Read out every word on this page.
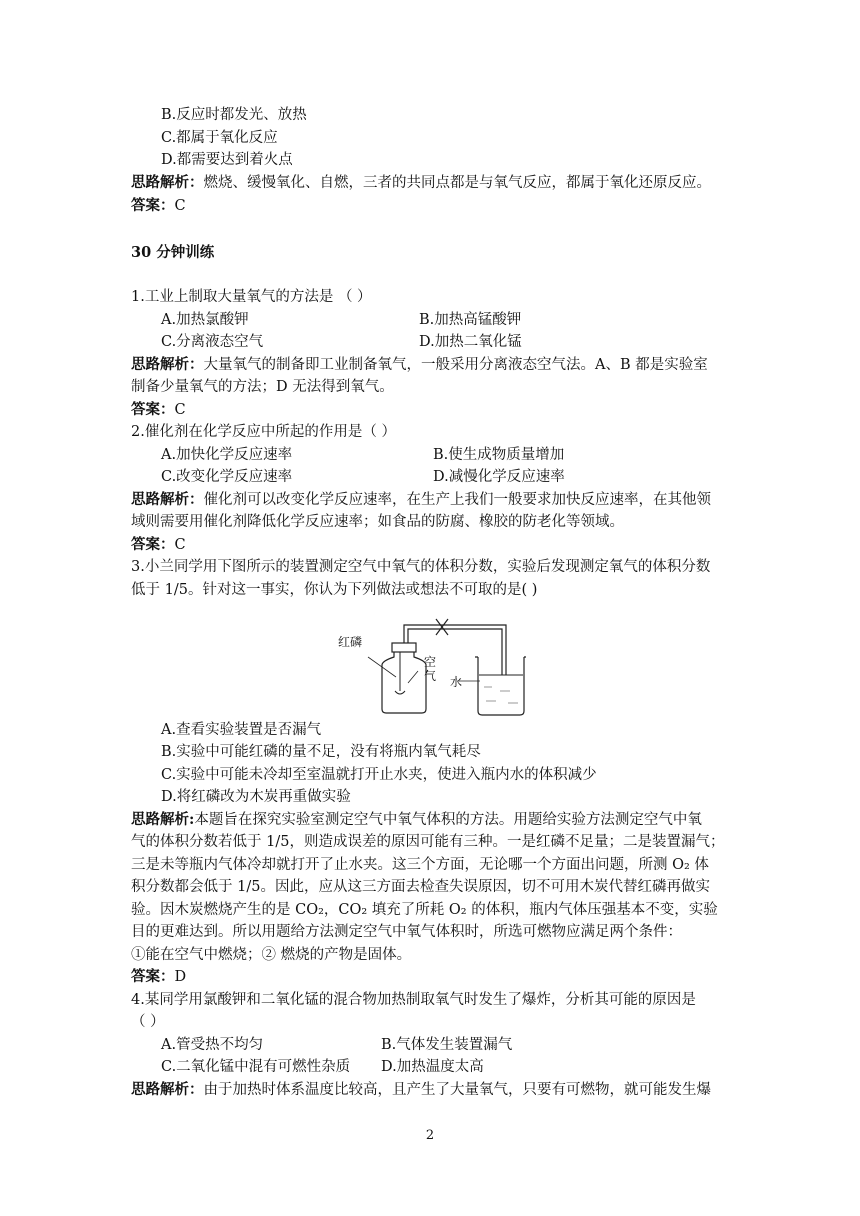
B.反应时都发光、放热
C.都属于氧化反应
D.都需要达到着火点
思路解析：燃烧、缓慢氧化、自燃，三者的共同点都是与氧气反应，都属于氧化还原反应。
答案：C
30 分钟训练
1.工业上制取大量氧气的方法是 （ ）
A.加热氯酸钾	B.加热高锰酸钾
C.分离液态空气	D.加热二氧化锰
思路解析：大量氧气的制备即工业制备氧气，一般采用分离液态空气法。A、B 都是实验室
制备少量氧气的方法；D 无法得到氧气。
答案：C
2.催化剂在化学反应中所起的作用是（ ）
A.加快化学反应速率	B.使生成物质量增加
C.改变化学反应速率	D.减慢化学反应速率
思路解析：催化剂可以改变化学反应速率，在生产上我们一般要求加快反应速率，在其他领
域则需要用催化剂降低化学反应速率；如食品的防腐、橡胶的防老化等领域。
答案：C
3.小兰同学用下图所示的装置测定空气中氧气的体积分数，实验后发现测定氧气的体积分数
低于 1/5。针对这一事实，你认为下列做法或想法不可取的是( )
红磷
空
气 水
A.查看实验装置是否漏气
B.实验中可能红磷的量不足，没有将瓶内氧气耗尽
C.实验中可能未冷却至室温就打开止水夹，使进入瓶内水的体积减少
D.将红磷改为木炭再重做实验
思路解析:本题旨在探究实验室测定空气中氧气体积的方法。用题给实验方法测定空气中氧
气的体积分数若低于 1/5，则造成误差的原因可能有三种。一是红磷不足量；二是装置漏气；
三是未等瓶内气体冷却就打开了止水夹。这三个方面，无论哪一个方面出问题，所测 O₂ 体
积分数都会低于 1/5。因此，应从这三方面去检查失误原因，切不可用木炭代替红磷再做实
验。因木炭燃烧产生的是 CO₂，CO₂ 填充了所耗 O₂ 的体积，瓶内气体压强基本不变，实验
目的更难达到。所以用题给方法测定空气中氧气体积时，所选可燃物应满足两个条件：
①能在空气中燃烧；② 燃烧的产物是固体。
答案：D
4.某同学用氯酸钾和二氧化锰的混合物加热制取氧气时发生了爆炸，分析其可能的原因是
（ ）
A.管受热不均匀	B.气体发生装置漏气
C.二氧化锰中混有可燃性杂质 D.加热温度太高
思路解析：由于加热时体系温度比较高，且产生了大量氧气，只要有可燃物，就可能发生爆
2
